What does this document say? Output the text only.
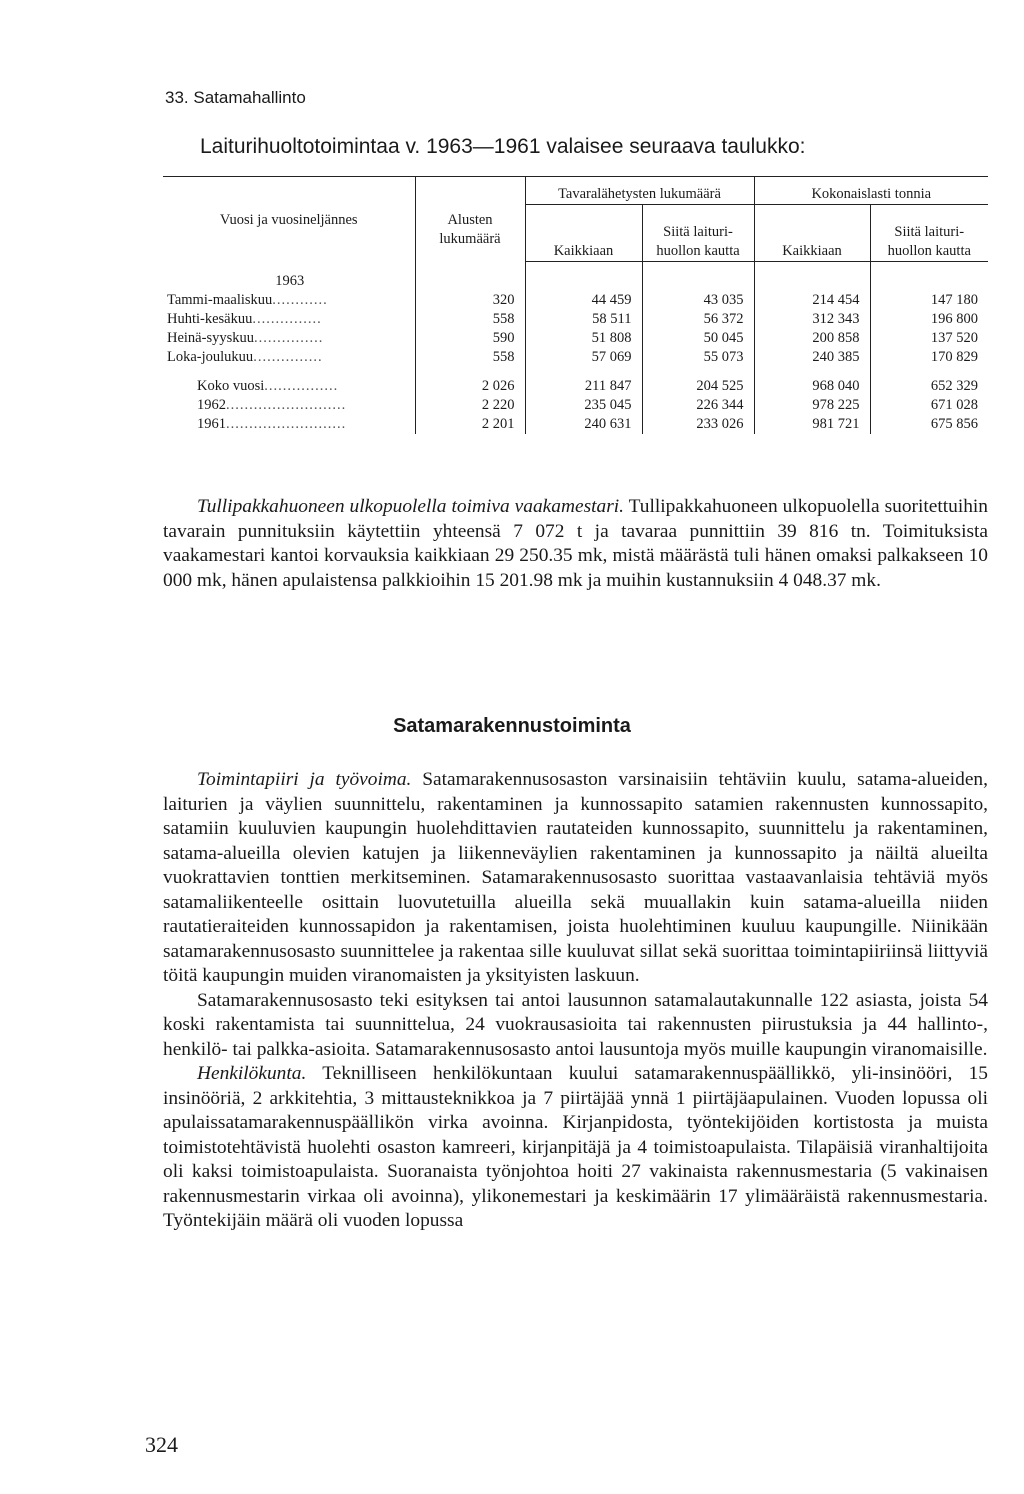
33. Satamahallinto
Laiturihuoltotoimintaa v. 1963—1961 valaisee seuraava taulukko:
Vuosi ja vuosineljännes	Alusten lukumäärä	Tavaralähetysten lukumäärä		Kokonaislasti tonnia	
		Kaikkiaan	Siitä laituri-huollon kautta	Kaikkiaan	Siitä laituri-huollon kautta

1963					
Tammi-maaliskuu............	320	44 459	43 035	214 454	147 180
Huhti-kesäkuu...............	558	58 511	56 372	312 343	196 800
Heinä-syyskuu...............	590	51 808	50 045	200 858	137 520
Loka-joulukuu...............	558	57 069	55 073	240 385	170 829

Koko vuosi................	2 026	211 847	204 525	968 040	652 329
1962..........................	2 220	235 045	226 344	978 225	671 028
1961..........................	2 201	240 631	233 026	981 721	675 856

Tullipakkahuoneen ulkopuolella toimiva vaakamestari. Tullipakkahuoneen ulkopuolella suoritettuihin tavarain punnituksiin käytettiin yhteensä 7 072 t ja tavaraa punnittiin 39 816 tn. Toimituksista vaakamestari kantoi korvauksia kaikkiaan 29 250.35 mk, mistä määrästä tuli hänen omaksi palkakseen 10 000 mk, hänen apulaistensa palkkioihin 15 201.98 mk ja muihin kustannuksiin 4 048.37 mk.

Satamarakennustoiminta

Toimintapiiri ja työvoima. Satamarakennusosaston varsinaisiin tehtäviin kuulu, satama-alueiden, laiturien ja väylien suunnittelu, rakentaminen ja kunnossapito satamien rakennusten kunnossapito, satamiin kuuluvien kaupungin huolehdittavien rautateiden kunnossapito, suunnittelu ja rakentaminen, satama-alueilla olevien katujen ja liikenneväylien rakentaminen ja kunnossapito ja näiltä alueilta vuokrattavien tonttien merkitseminen. Satamarakennusosasto suorittaa vastaavanlaisia tehtäviä myös satamaliikenteelle osittain luovutetuilla alueilla sekä muuallakin kuin satama-alueilla niiden rautatieraiteiden kunnossapidon ja rakentamisen, joista huolehtiminen kuuluu kaupungille. Niinikään satamarakennusosasto suunnittelee ja rakentaa sille kuuluvat sillat sekä suorittaa toimintapiiriinsä liittyviä töitä kaupungin muiden viranomaisten ja yksityisten laskuun.

Satamarakennusosasto teki esityksen tai antoi lausunnon satamalautakunnalle 122 asiasta, joista 54 koski rakentamista tai suunnittelua, 24 vuokrausasioita tai rakennusten piirustuksia ja 44 hallinto-, henkilö- tai palkka-asioita. Satamarakennusosasto antoi lausuntoja myös muille kaupungin viranomaisille.

Henkilökunta. Teknilliseen henkilökuntaan kuului satamarakennuspäällikkö, yli-insinööri, 15 insinööriä, 2 arkkitehtia, 3 mittausteknikkoa ja 7 piirtäjää ynnä 1 piirtäjäapulainen. Vuoden lopussa oli apulaissatamarakennuspäällikön virka avoinna. Kirjanpidosta, työntekijöiden kortistosta ja muista toimistotehtävistä huolehti osaston kamreeri, kirjanpitäjä ja 4 toimistoapulaista. Tilapäisiä viranhaltijoita oli kaksi toimistoapulaista. Suoranaista työnjohtoa hoiti 27 vakinaista rakennusmestaria (5 vakinaisen rakennusmestarin virkaa oli avoinna), ylikonemestari ja keskimäärin 17 ylimääräistä rakennusmestaria. Työntekijäin määrä oli vuoden lopussa

324
